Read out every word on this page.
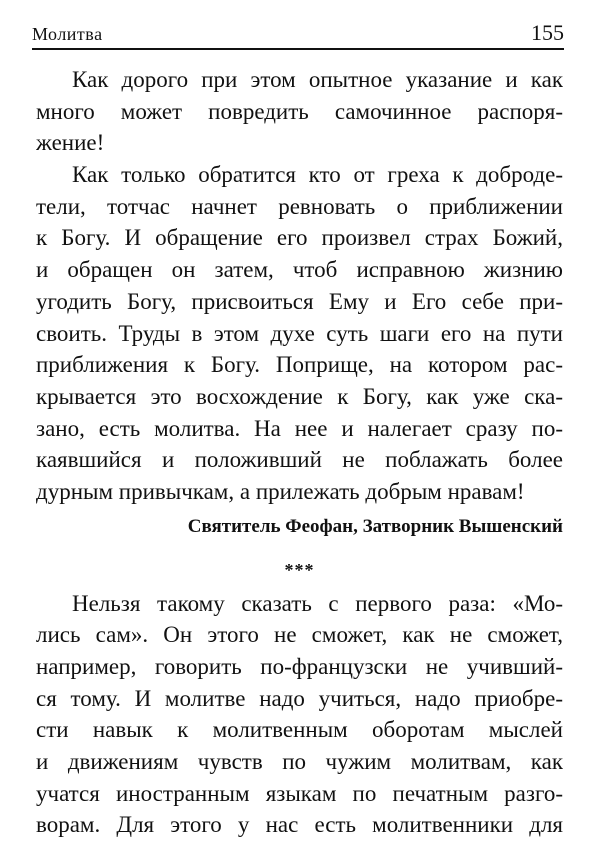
Молитва	155
Как дорого при этом опытное указание и как
много может повредить самочинное распоря-
жение!
Как только обратится кто от греха к доброде-
тели, тотчас начнет ревновать о приближении
к Богу. И обращение его произвел страх Божий,
и обращен он затем, чтоб исправною жизнию
угодить Богу, присвоиться Ему и Его себе при-
своить. Труды в этом духе суть шаги его на пути
приближения к Богу. Поприще, на котором рас-
крывается это восхождение к Богу, как уже ска-
зано, есть молитва. На нее и налегает сразу по-
каявшийся и положивший не поблажать более
дурным привычкам, а прилежать добрым нравам!
Святитель Феофан, Затворник Вышенский
***
Нельзя такому сказать с первого раза: «Мо-
лись сам». Он этого не сможет, как не сможет,
например, говорить по-французски не учивший-
ся тому. И молитве надо учиться, надо приобре-
сти навык к молитвенным оборотам мыслей
и движениям чувств по чужим молитвам, как
учатся иностранным языкам по печатным разго-
ворам. Для этого у нас есть молитвенники для
